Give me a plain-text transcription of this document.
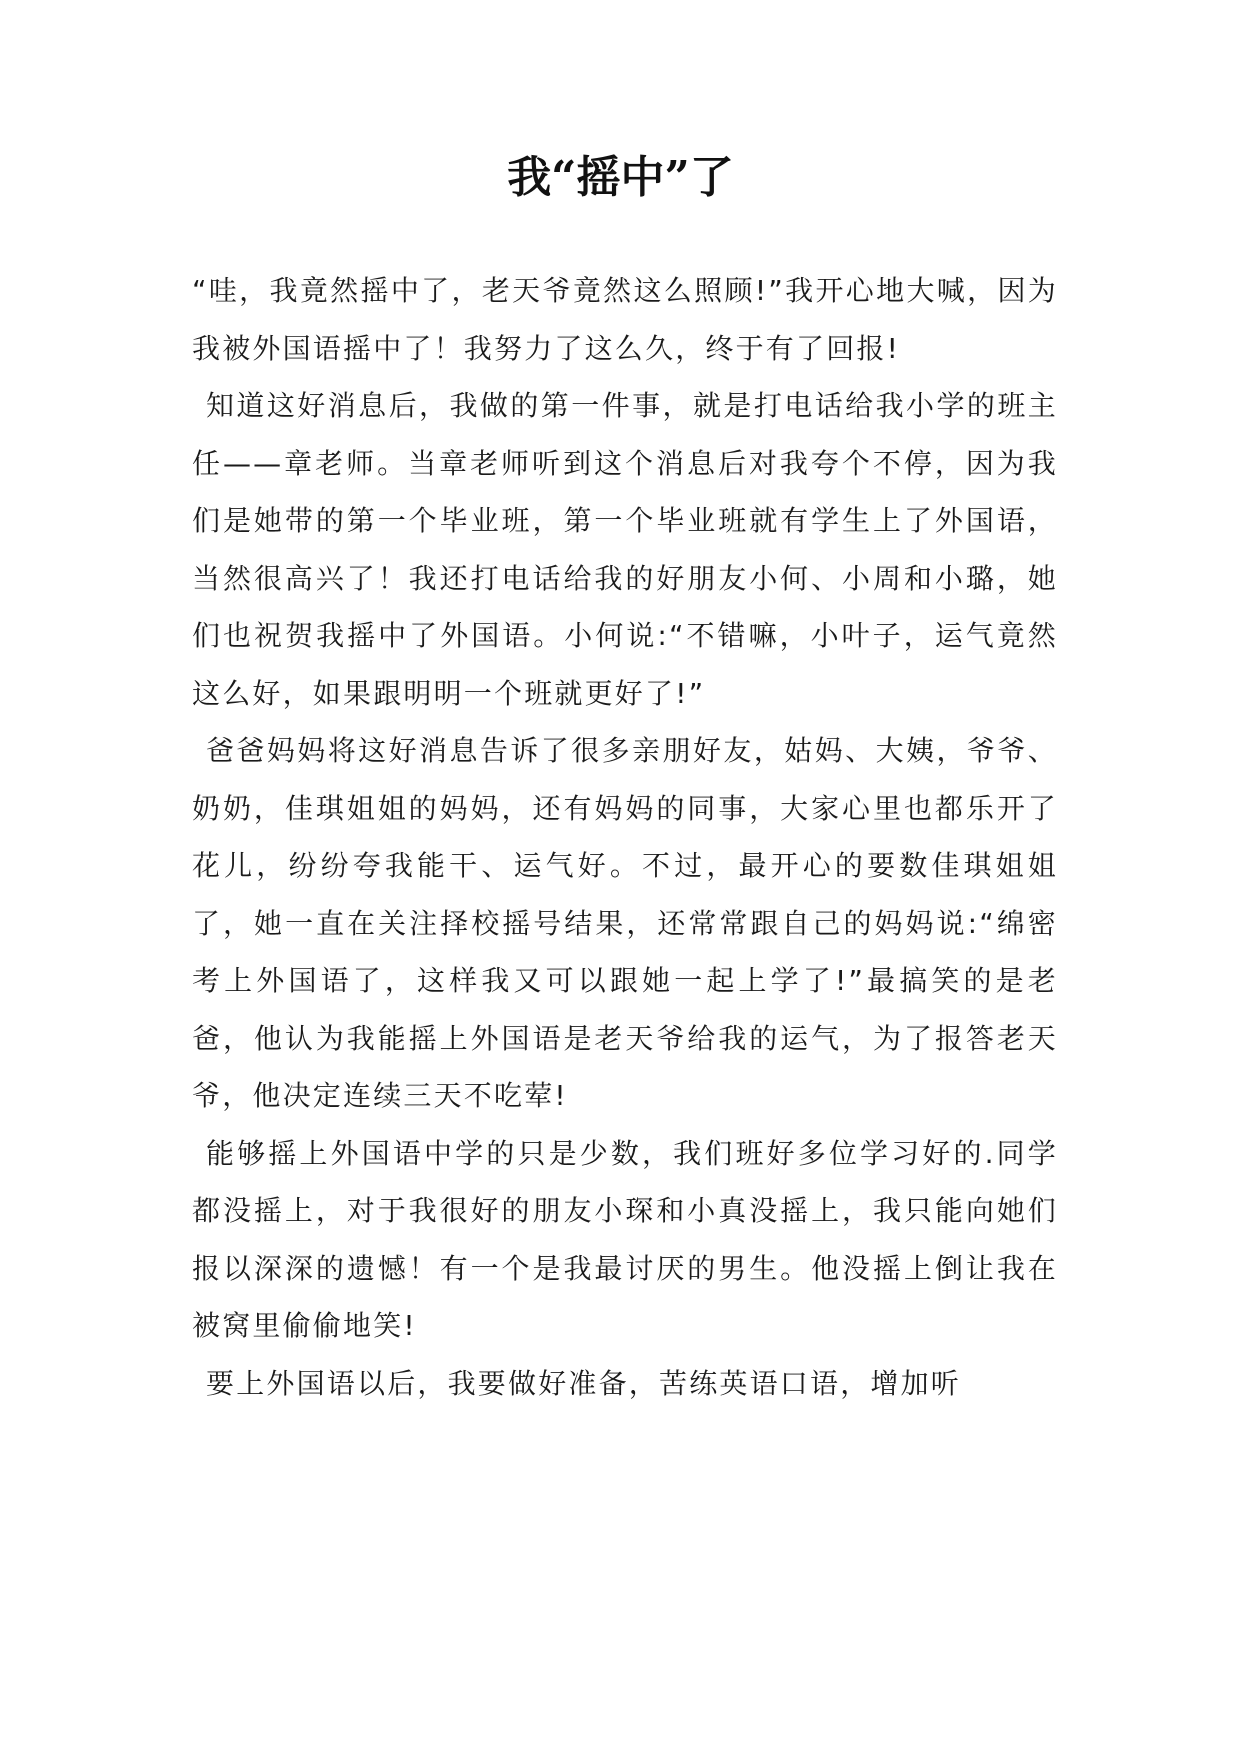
我“摇中”了

“哇，我竟然摇中了，老天爷竟然这么照顾!”我开心地大喊，因为我被外国语摇中了！我努力了这么久，终于有了回报!

知道这好消息后，我做的第一件事，就是打电话给我小学的班主任——章老师。当章老师听到这个消息后对我夸个不停，因为我们是她带的第一个毕业班，第一个毕业班就有学生上了外国语，当然很高兴了！我还打电话给我的好朋友小何、小周和小璐，她们也祝贺我摇中了外国语。小何说:“不错嘛，小叶子，运气竟然这么好，如果跟明明一个班就更好了!”

爸爸妈妈将这好消息告诉了很多亲朋好友，姑妈、大姨，爷爷、奶奶，佳琪姐姐的妈妈，还有妈妈的同事，大家心里也都乐开了花儿，纷纷夸我能干、运气好。不过，最开心的要数佳琪姐姐了，她一直在关注择校摇号结果，还常常跟自己的妈妈说:“绵密考上外国语了，这样我又可以跟她一起上学了!”最搞笑的是老爸，他认为我能摇上外国语是老天爷给我的运气，为了报答老天爷，他决定连续三天不吃荤!

能够摇上外国语中学的只是少数，我们班好多位学习好的.同学都没摇上，对于我很好的朋友小琛和小真没摇上，我只能向她们报以深深的遗憾！有一个是我最讨厌的男生。他没摇上倒让我在被窝里偷偷地笑!

要上外国语以后，我要做好准备，苦练英语口语，增加听
